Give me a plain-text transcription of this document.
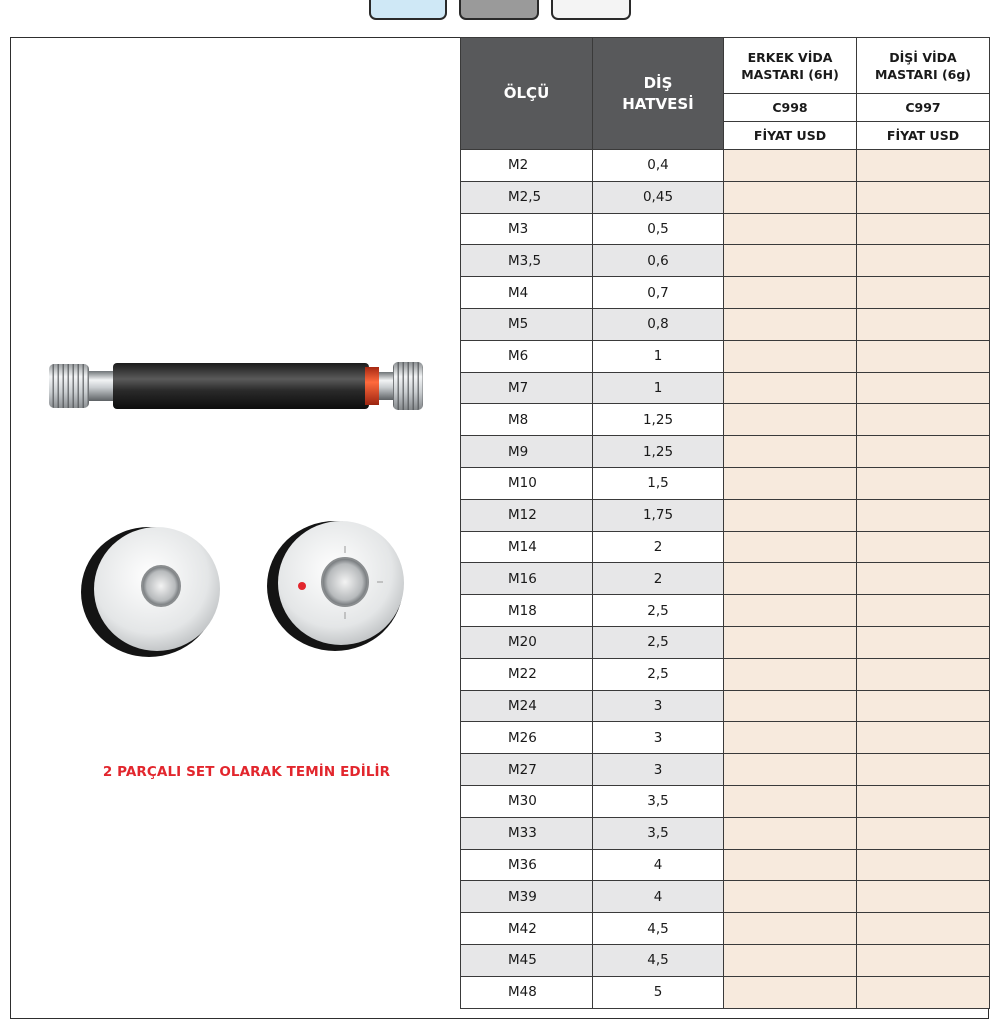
2 PARÇALI SET OLARAK TEMİN EDİLİR
ÖLÇÜ	DİŞ HATVESİ	ERKEK VİDA MASTARI (6H)	DİŞİ VİDA MASTARI (6g)

		C998	C997
		FİYAT USD	FİYAT USD
M2	0,4		
M2,5	0,45		
M3	0,5		
M3,5	0,6		
M4	0,7		
M5	0,8		
M6	1		
M7	1		
M8	1,25		
M9	1,25		
M10	1,5		
M12	1,75		
M14	2		
M16	2		
M18	2,5		
M20	2,5		
M22	2,5		
M24	3		
M26	3		
M27	3		
M30	3,5		
M33	3,5		
M36	4		
M39	4		
M42	4,5		
M45	4,5		
M48	5		
